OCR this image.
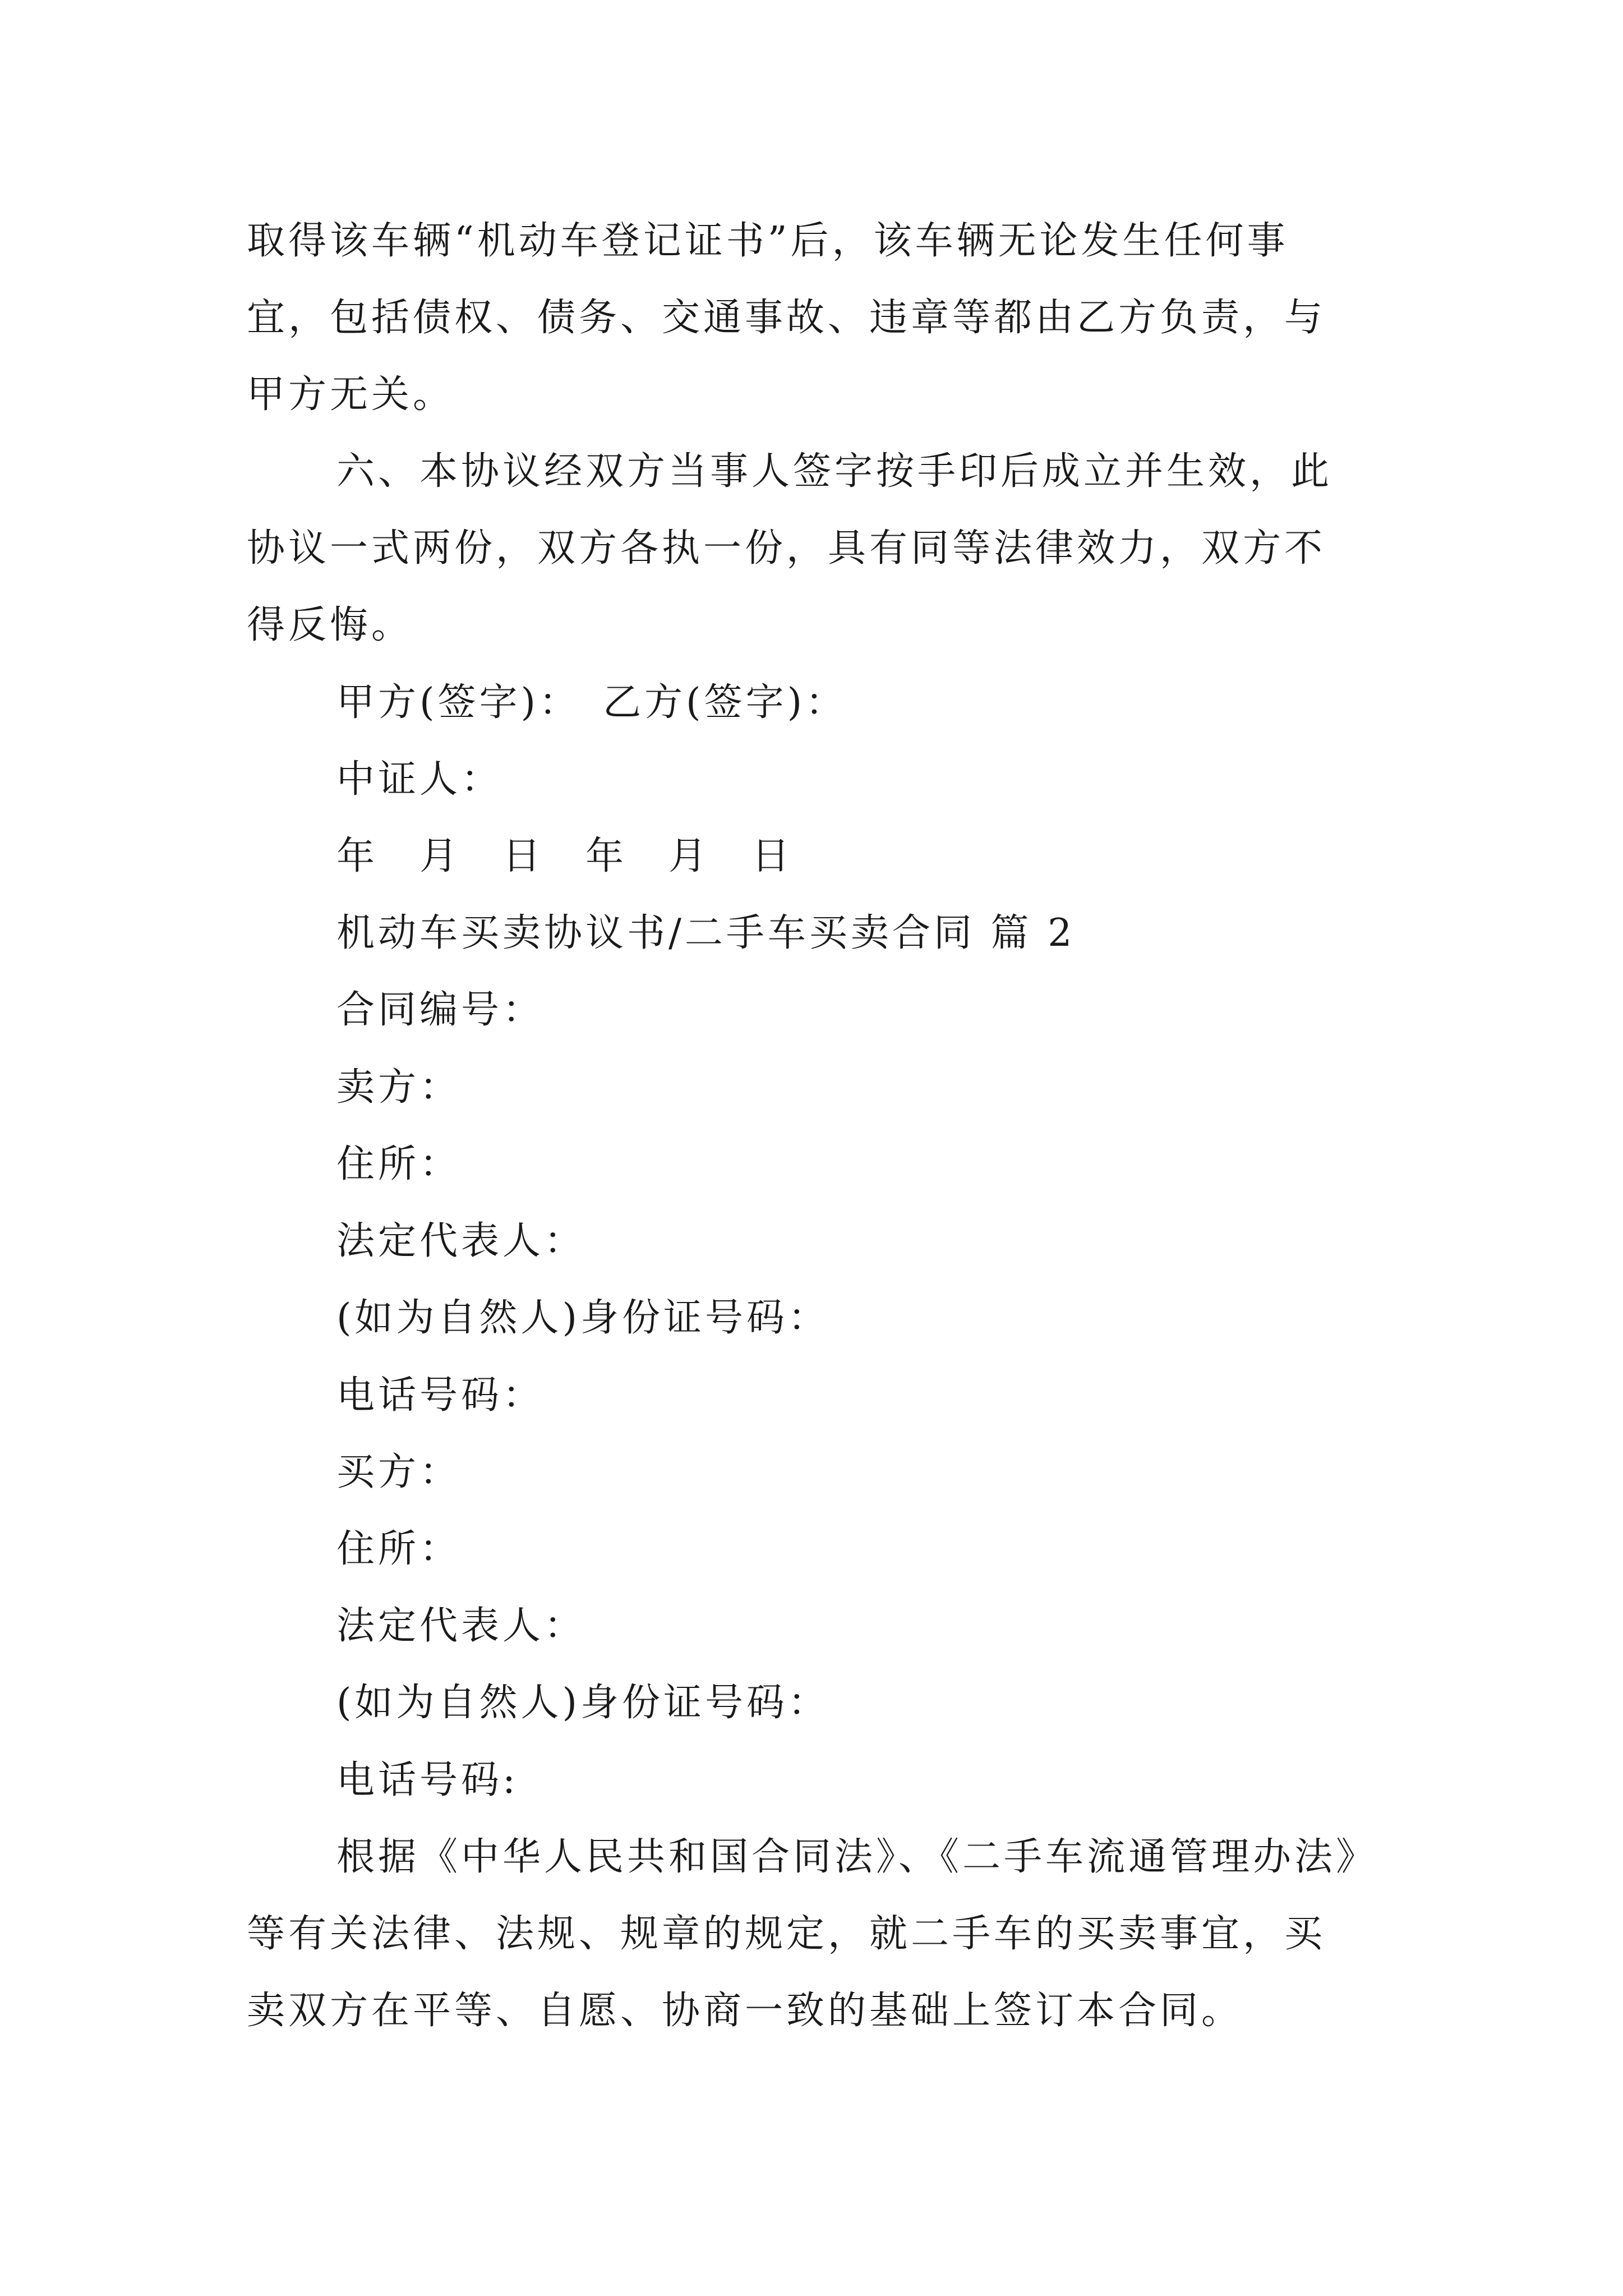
取得该车辆“机动车登记证书”后，该车辆无论发生任何事
宜，包括债权、债务、交通事故、违章等都由乙方负责，与
甲方无关。
六、本协议经双方当事人签字按手印后成立并生效，此
协议一式两份，双方各执一份，具有同等法律效力，双方不
得反悔。
甲方(签字)：　乙方(签字)：
中证人：
年　月　日　年　月　日
机动车买卖协议书/二手车买卖合同 篇 2
合同编号：
卖方：
住所：
法定代表人：
(如为自然人)身份证号码：
电话号码：
买方：
住所：
法定代表人：
(如为自然人)身份证号码：
电话号码:
根据《中华人民共和国合同法》、《二手车流通管理办法》
等有关法律、法规、规章的规定，就二手车的买卖事宜，买
卖双方在平等、自愿、协商一致的基础上签订本合同。
